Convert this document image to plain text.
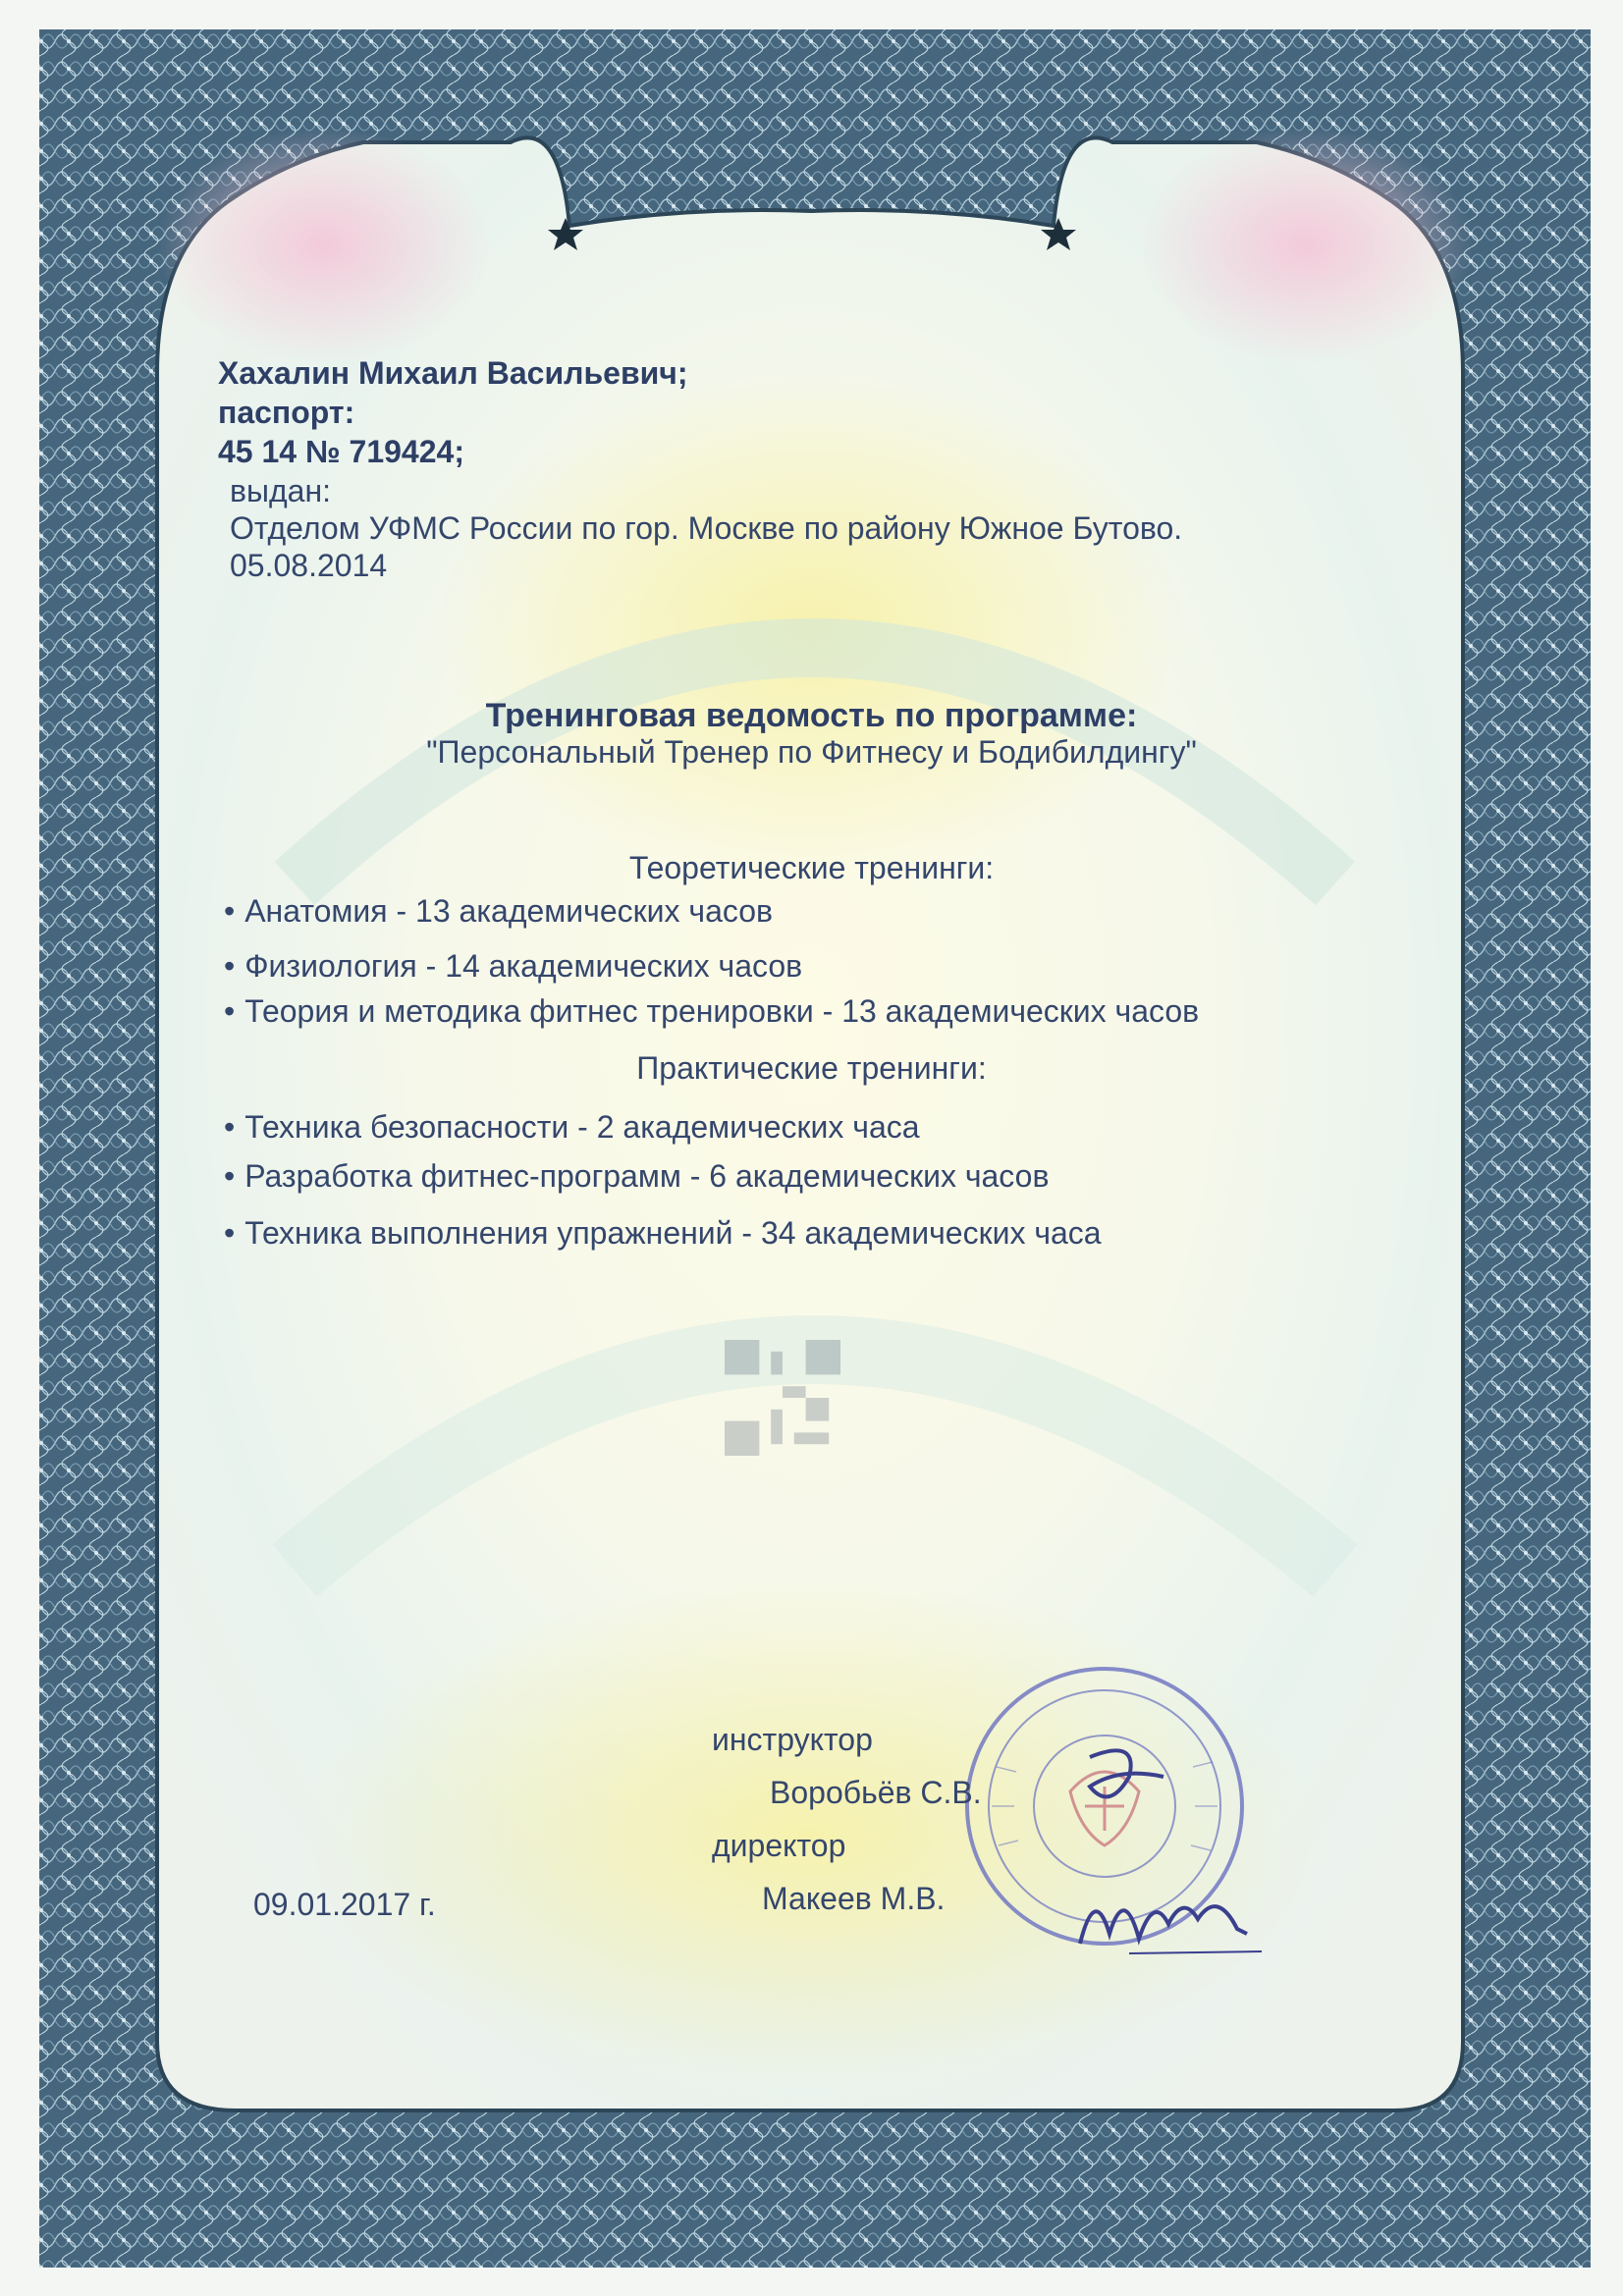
Хахалин Михаил Васильевич;
паспорт:
45 14 № 719424;
выдан:
Отделом УФМС России по гор. Москве по району Южное Бутово.
05.08.2014
Тренинговая ведомость по программе:
"Персональный Тренер по Фитнесу и Бодибилдингу"
Теоретические тренинги:
• Анатомия - 13 академических часов
• Физиология - 14 академических часов
• Теория и методика фитнес тренировки - 13 академических часов
Практические тренинги:
• Техника безопасности - 2 академических часа
• Разработка фитнес-программ - 6 академических часов
• Техника выполнения упражнений - 34 академических часа
инструктор
Воробьёв С.В.
директор
Макеев М.В.
09.01.2017 г.
